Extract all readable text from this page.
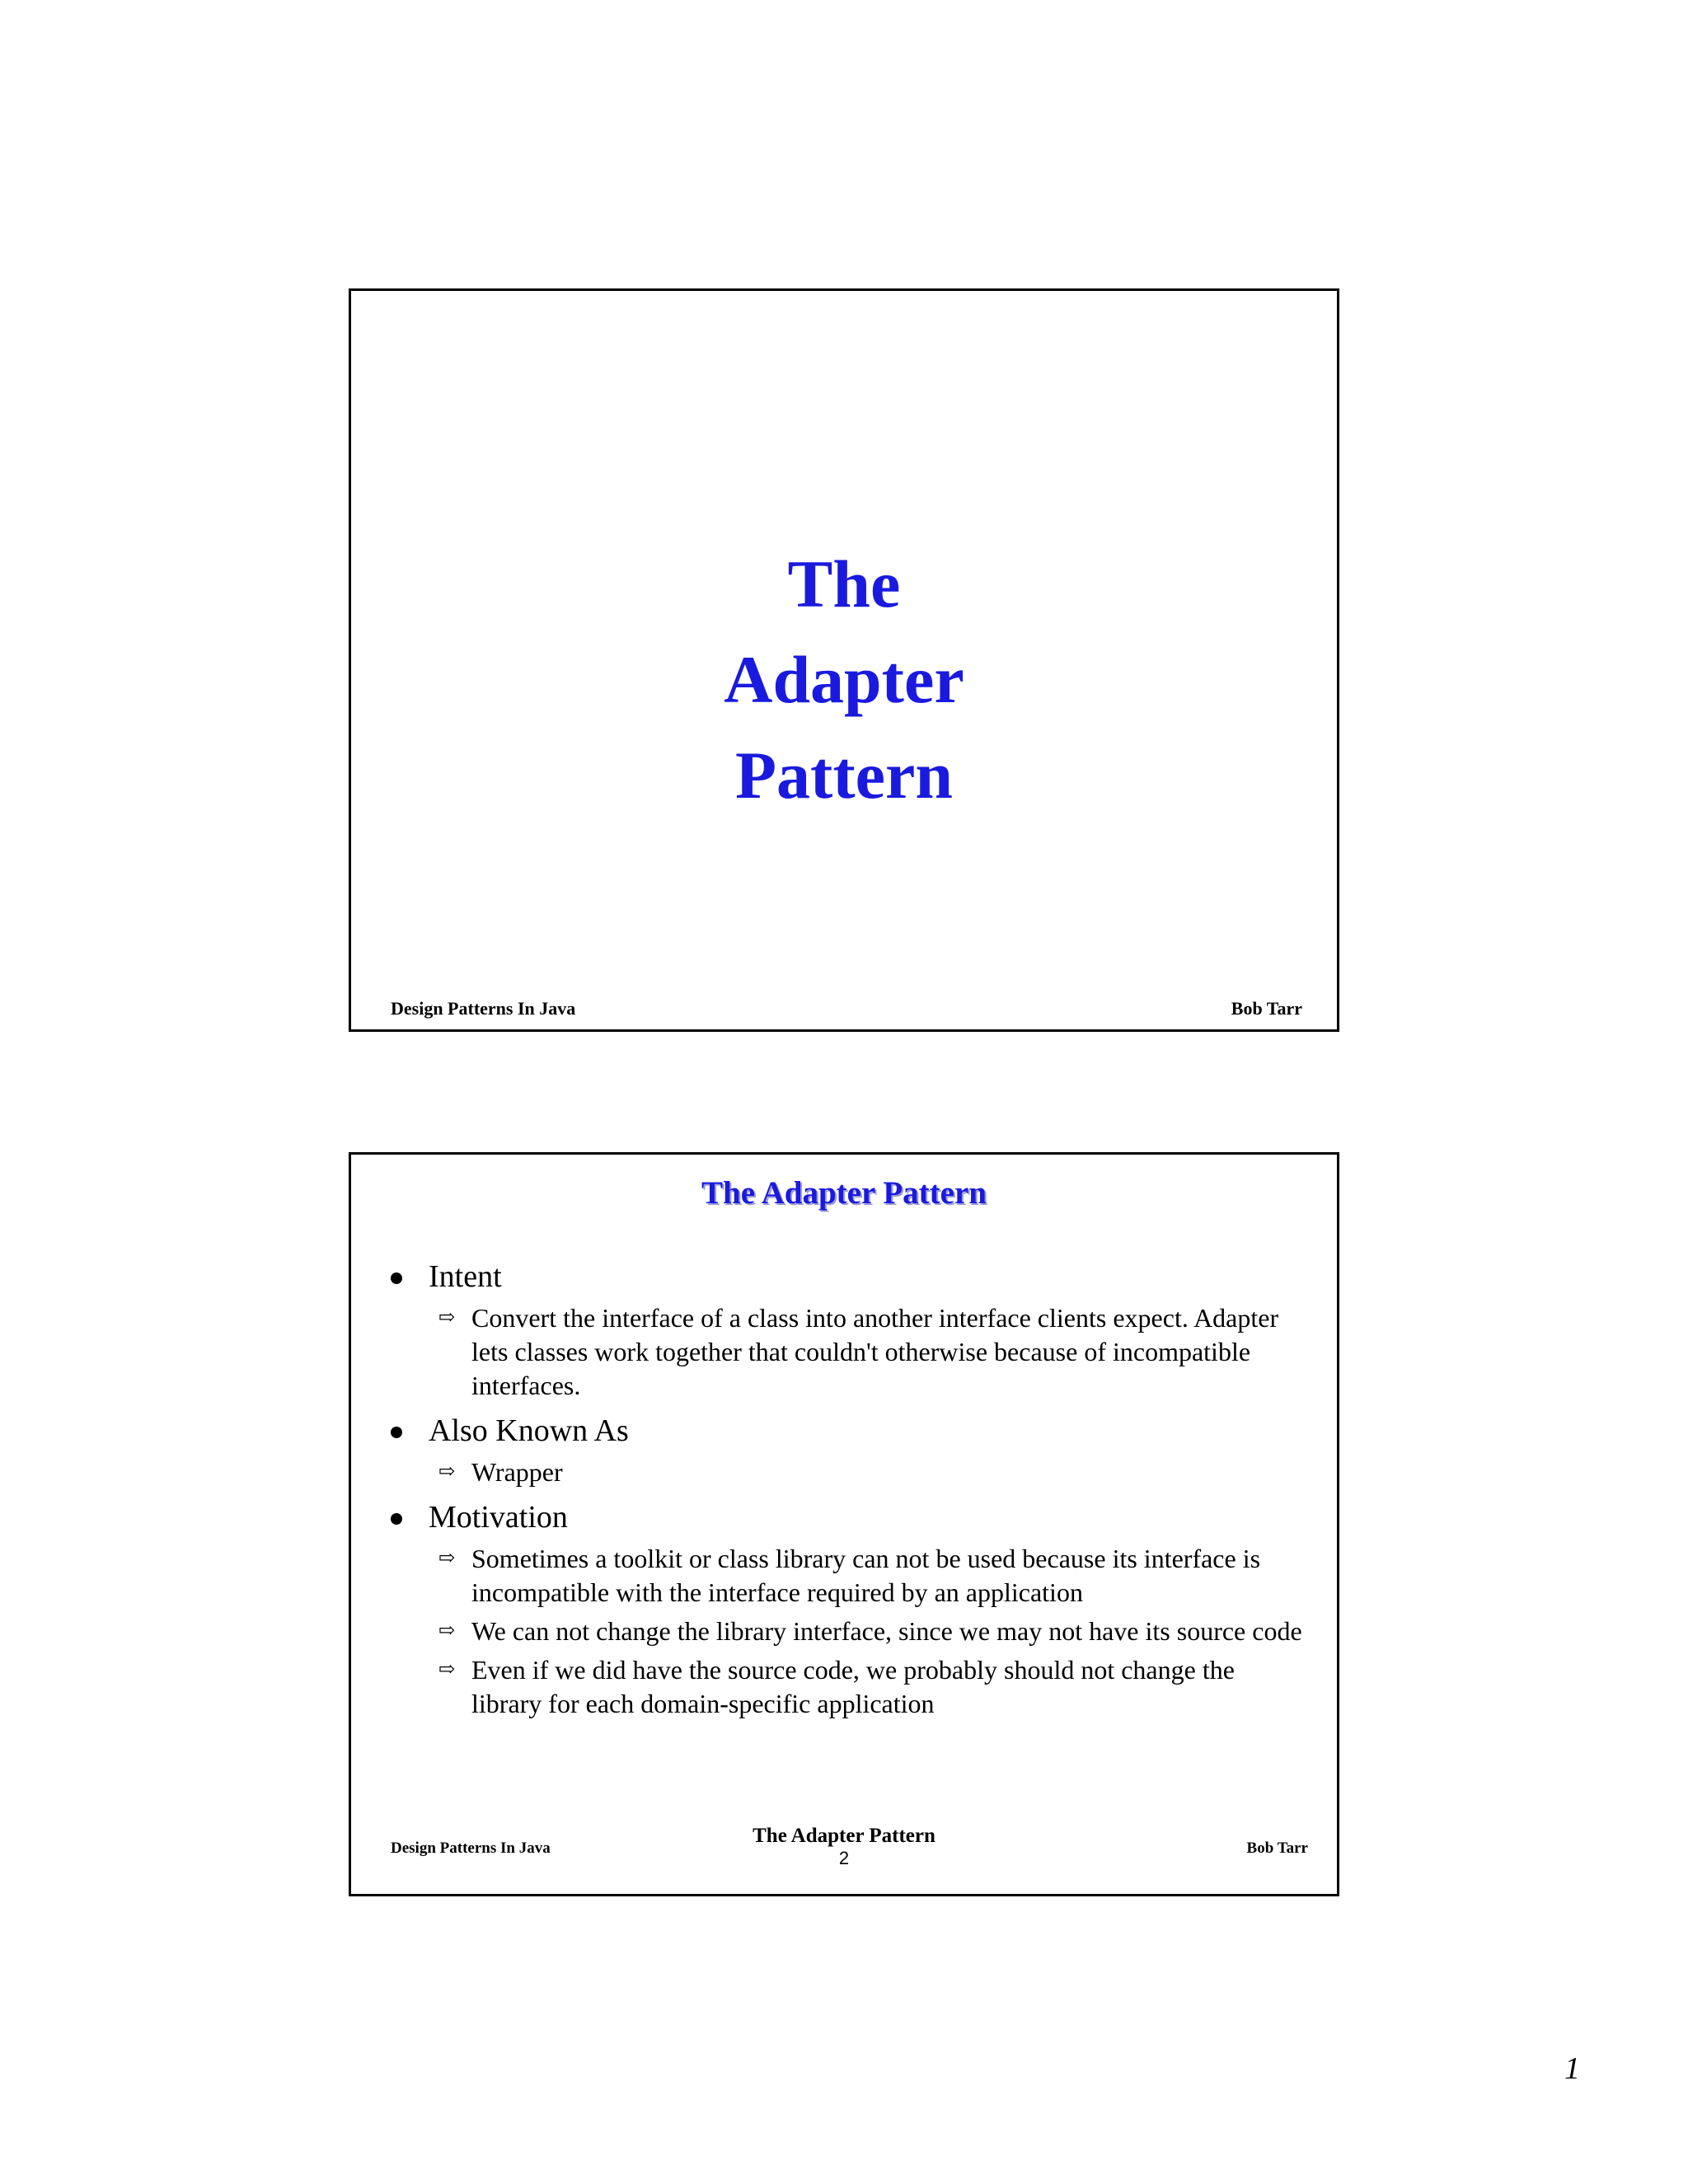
The
Adapter
Pattern
Design Patterns In Java	Bob Tarr
The Adapter Pattern
Intent
⇨ Convert the interface of a class into another interface clients expect. Adapter lets classes work together that couldn't otherwise because of incompatible interfaces.
Also Known As
⇨ Wrapper
Motivation
⇨ Sometimes a toolkit or class library can not be used because its interface is incompatible with the interface required by an application
⇨ We can not change the library interface, since we may not have its source code
⇨ Even if we did have the source code, we probably should not change the library for each domain-specific application
Design Patterns In Java
The Adapter Pattern
2	Bob Tarr
1
